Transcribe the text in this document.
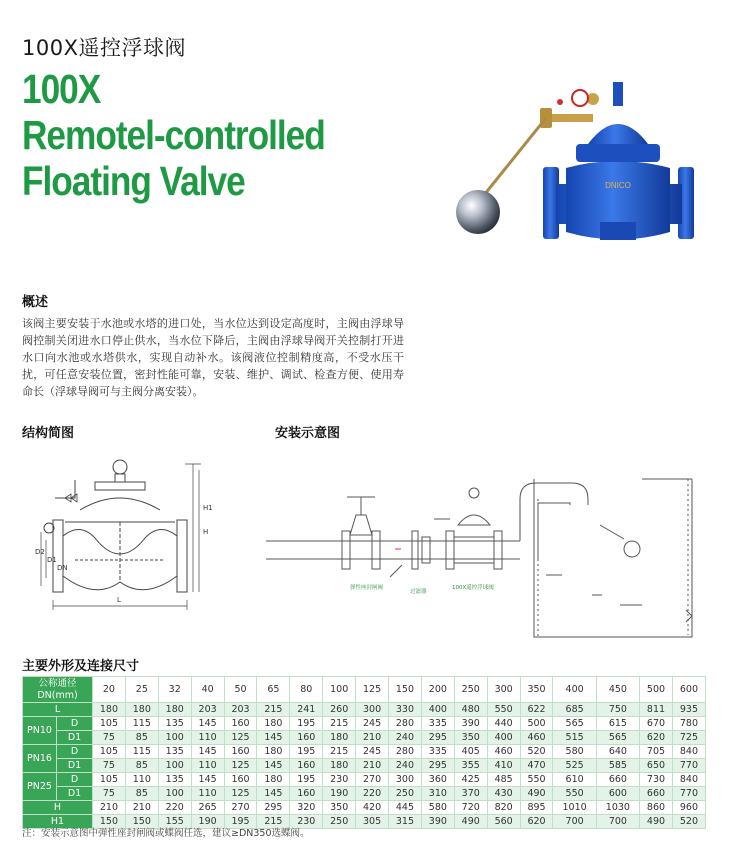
100X遥控浮球阀
100X
Remotel-controlled
Floating Valve	DNICO
概述
该阀主要安装于水池或水塔的进口处，当水位达到设定高度时，主阀由浮球导阀控制关闭进水口停止供水，当水位下降后，主阀由浮球导阀开关控制打开进水口向水池或水塔供水，实现自动补水。该阀液位控制精度高，不受水压干扰，可任意安装位置，密封性能可靠，安装、维护、调试、检查方便、使用寿命长（浮球导阀可与主阀分离安装）。
结构简图
H1
H
L
D2
D1
DN
安装示意图
弹性座封闸阀
过滤器
100X遥控浮球阀
主要外形及连接尺寸
公称通径
DN(mm)		20	25	32	40	50	65	80	100	125	150	200	250	300	350	400	450	500	600
L		180	180	180	203	203	215	241	260	300	330	400	480	550	622	685	750	811	935
PN10	D	105	115	135	145	160	180	195	215	245	280	335	390	440	500	565	615	670	780
	D1	75	85	100	110	125	145	160	180	210	240	295	350	400	460	515	565	620	725
PN16	D	105	115	135	145	160	180	195	215	245	280	335	405	460	520	580	640	705	840
	D1	75	85	100	110	125	145	160	180	210	240	295	355	410	470	525	585	650	770
PN25	D	105	110	135	145	160	180	195	230	270	300	360	425	485	550	610	660	730	840
	D1	75	85	100	110	125	145	160	190	220	250	310	370	430	490	550	600	660	770
H		210	210	220	265	270	295	320	350	420	445	580	720	820	895	1010	1030	860	960
H1		150	150	155	190	195	215	230	250	305	315	390	490	560	620	700	700	490	520
注：安装示意图中弹性座封闸阀或蝶阀任选，建议≥DN350选蝶阀。
